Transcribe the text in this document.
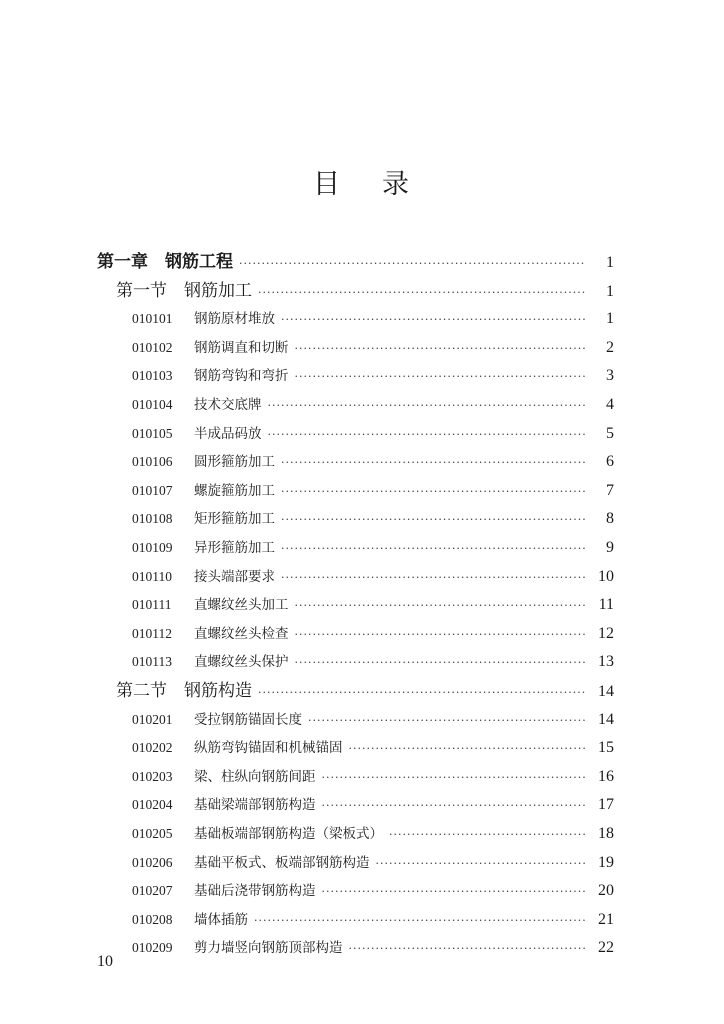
目 录
第一章　钢筋工程 ·····	1
第一节　钢筋加工 ·····	1
010101	钢筋原材堆放 ·····	1
010102	钢筋调直和切断 ·····	2
010103	钢筋弯钩和弯折 ·····	3
010104	技术交底牌 ·····	4
010105	半成品码放 ·····	5
010106	圆形箍筋加工 ·····	6
010107	螺旋箍筋加工 ·····	7
010108	矩形箍筋加工 ·····	8
010109	异形箍筋加工 ·····	9
010110	接头端部要求 ·····	10
010111	直螺纹丝头加工 ·····	11
010112	直螺纹丝头检查 ·····	12
010113	直螺纹丝头保护 ·····	13
第二节　钢筋构造 ·····	14
010201	受拉钢筋锚固长度 ·····	14
010202	纵筋弯钩锚固和机械锚固 ·····	15
010203	梁、柱纵向钢筋间距 ·····	16
010204	基础梁端部钢筋构造 ·····	17
010205	基础板端部钢筋构造（梁板式） ·····	18
010206	基础平板式、板端部钢筋构造 ·····	19
010207	基础后浇带钢筋构造 ·····	20
010208	墙体插筋 ·····	21
010209	剪力墙竖向钢筋顶部构造 ·····	22
10
